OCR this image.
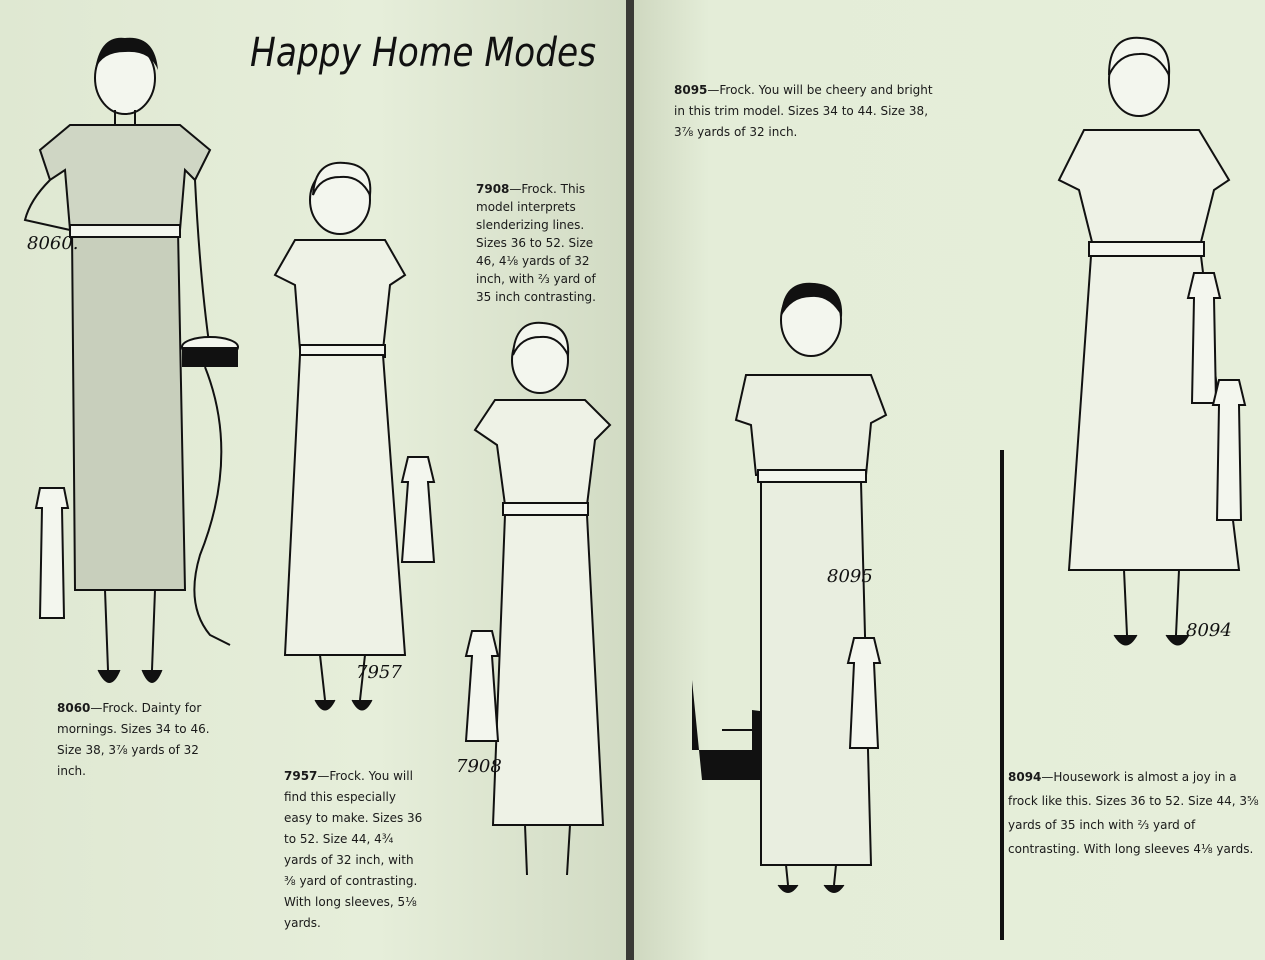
Happy Home Modes
8060.
7957
7908
8060—Frock. Dainty for mornings. Sizes 34 to 46. Size 38, 3⅞ yards of 32 inch.	7957—Frock. You will find this especially easy to make. Sizes 36 to 52. Size 44, 4¾ yards of 32 inch, with ⅜ yard of contrasting. With long sleeves, 5⅛ yards.
7908—Frock. This model interprets slenderizing lines. Sizes 36 to 52. Size 46, 4⅛ yards of 32 inch, with ⅔ yard of 35 inch contrasting.
8095—Frock. You will be cheery and bright in this trim model. Sizes 34 to 44. Size 38, 3⅞ yards of 32 inch.
8095
8094
8094—Housework is almost a joy in a frock like this. Sizes 36 to 52. Size 44, 3⅝ yards of 35 inch with ⅔ yard of contrasting. With long sleeves 4⅛ yards.
